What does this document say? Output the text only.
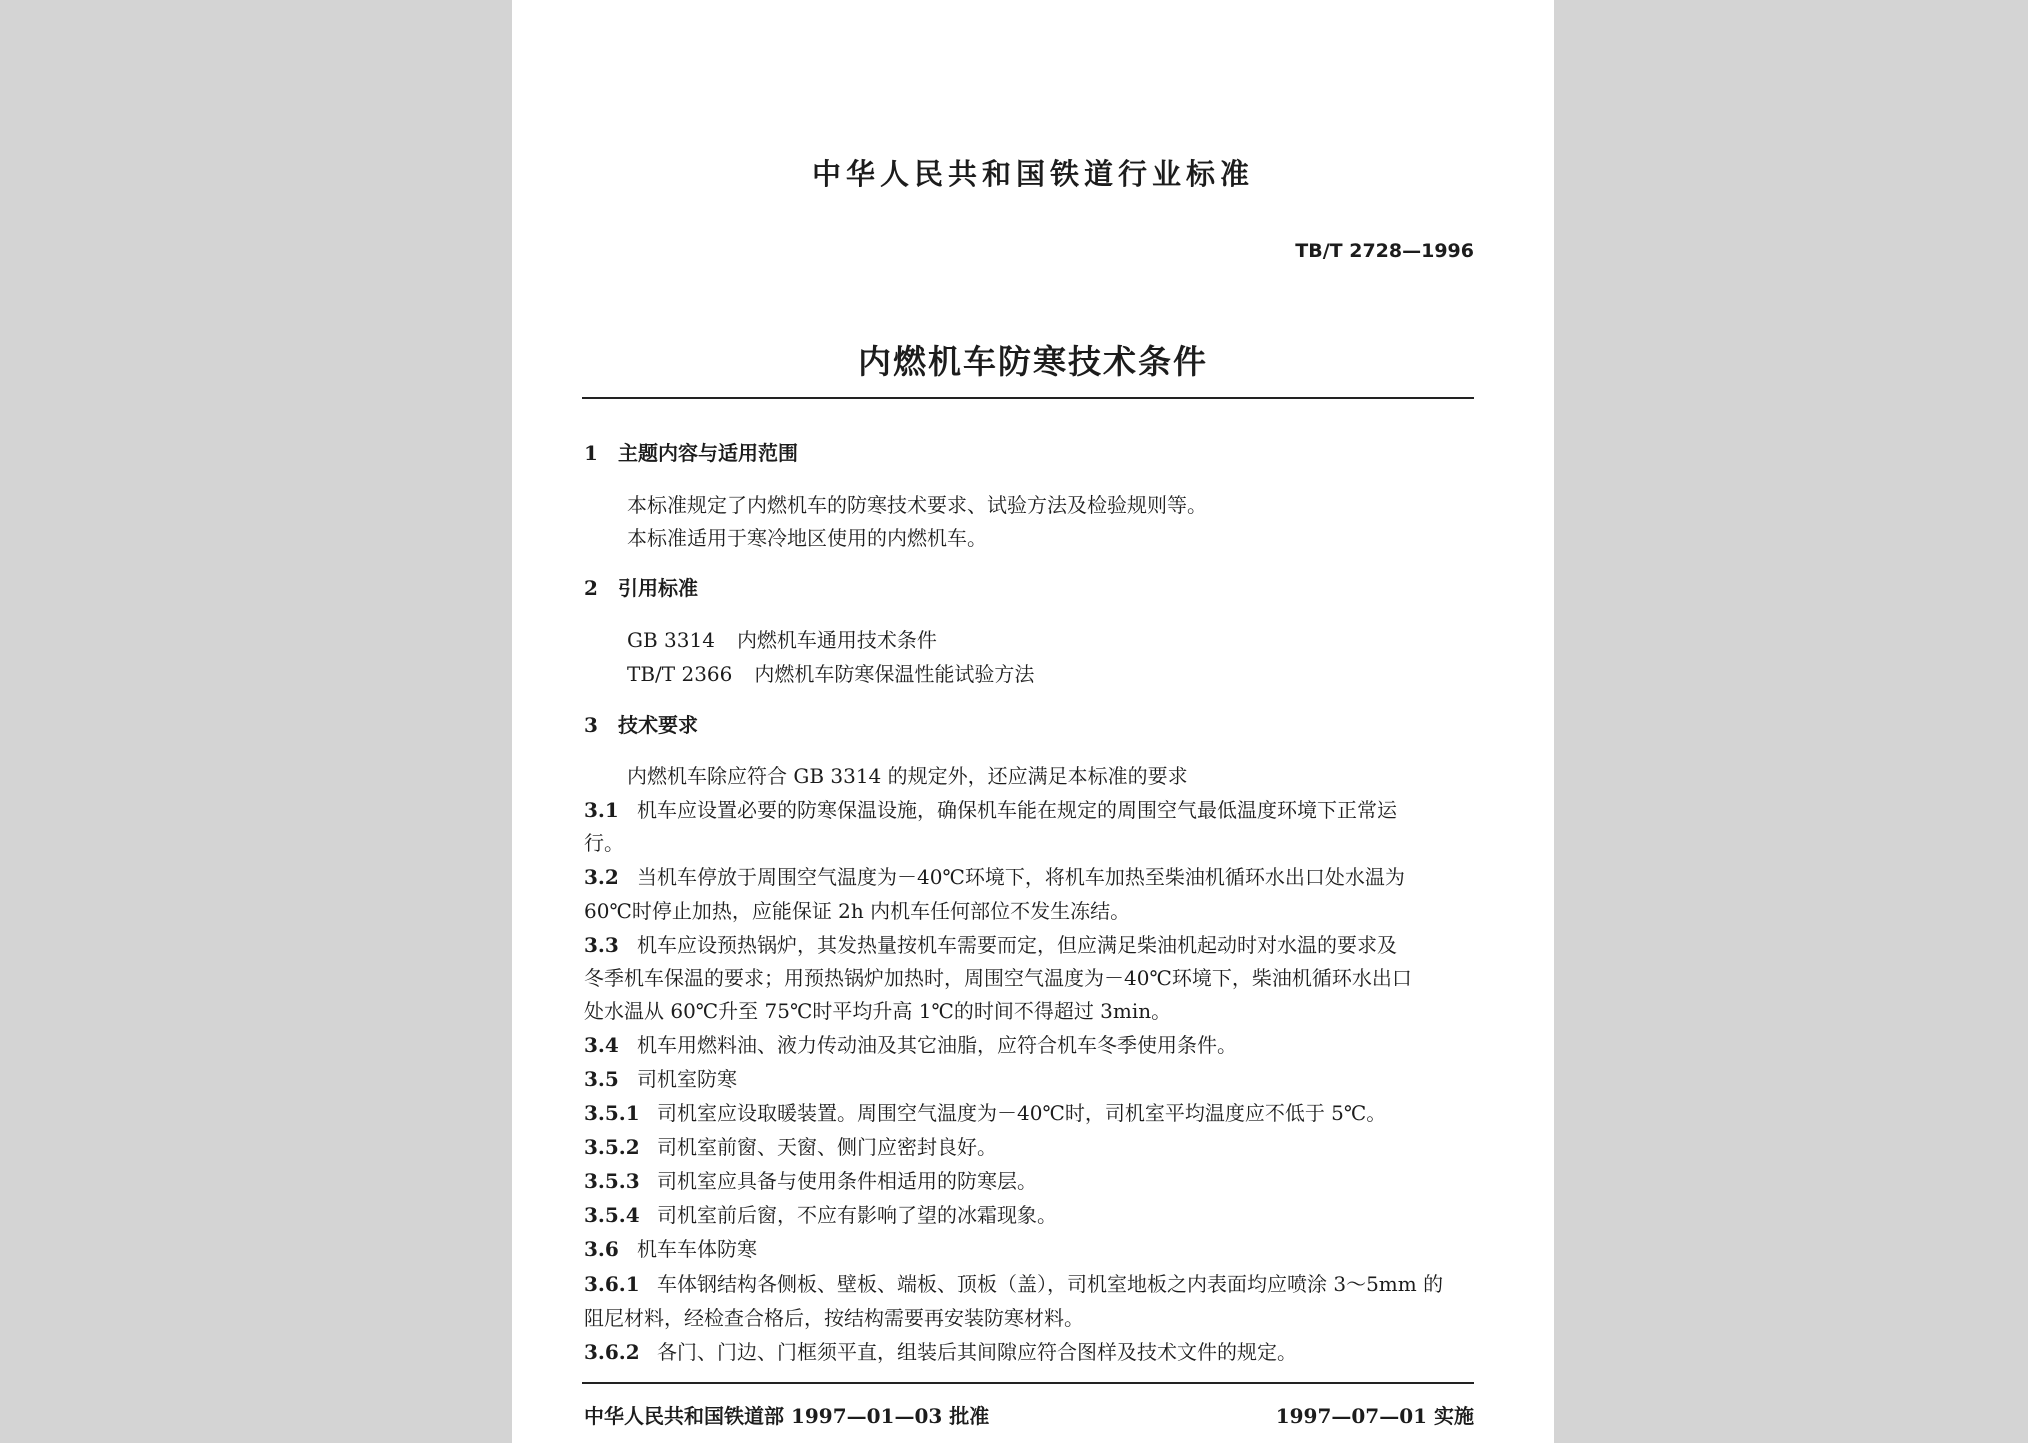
中华人民共和国铁道行业标准
TB/T 2728—1996
内燃机车防寒技术条件
1 主题内容与适用范围
本标准规定了内燃机车的防寒技术要求、试验方法及检验规则等。
本标准适用于寒冷地区使用的内燃机车。
2 引用标准
GB 3314 内燃机车通用技术条件
TB/T 2366 内燃机车防寒保温性能试验方法
3 技术要求
内燃机车除应符合 GB 3314 的规定外，还应满足本标准的要求
3.1 机车应设置必要的防寒保温设施，确保机车能在规定的周围空气最低温度环境下正常运
行。
3.2 当机车停放于周围空气温度为－40℃环境下，将机车加热至柴油机循环水出口处水温为
60℃时停止加热，应能保证 2h 内机车任何部位不发生冻结。
3.3 机车应设预热锅炉，其发热量按机车需要而定，但应满足柴油机起动时对水温的要求及
冬季机车保温的要求；用预热锅炉加热时，周围空气温度为－40℃环境下，柴油机循环水出口
处水温从 60℃升至 75℃时平均升高 1℃的时间不得超过 3min。
3.4 机车用燃料油、液力传动油及其它油脂，应符合机车冬季使用条件。
3.5 司机室防寒
3.5.1 司机室应设取暖装置。周围空气温度为－40℃时，司机室平均温度应不低于 5℃。
3.5.2 司机室前窗、天窗、侧门应密封良好。
3.5.3 司机室应具备与使用条件相适用的防寒层。
3.5.4 司机室前后窗，不应有影响了望的冰霜现象。
3.6 机车车体防寒
3.6.1 车体钢结构各侧板、壁板、端板、顶板（盖），司机室地板之内表面均应喷涂 3～5mm 的
阻尼材料，经检查合格后，按结构需要再安装防寒材料。
3.6.2 各门、门边、门框须平直，组装后其间隙应符合图样及技术文件的规定。
中华人民共和国铁道部 1997—01—03 批准	1997—07—01 实施
